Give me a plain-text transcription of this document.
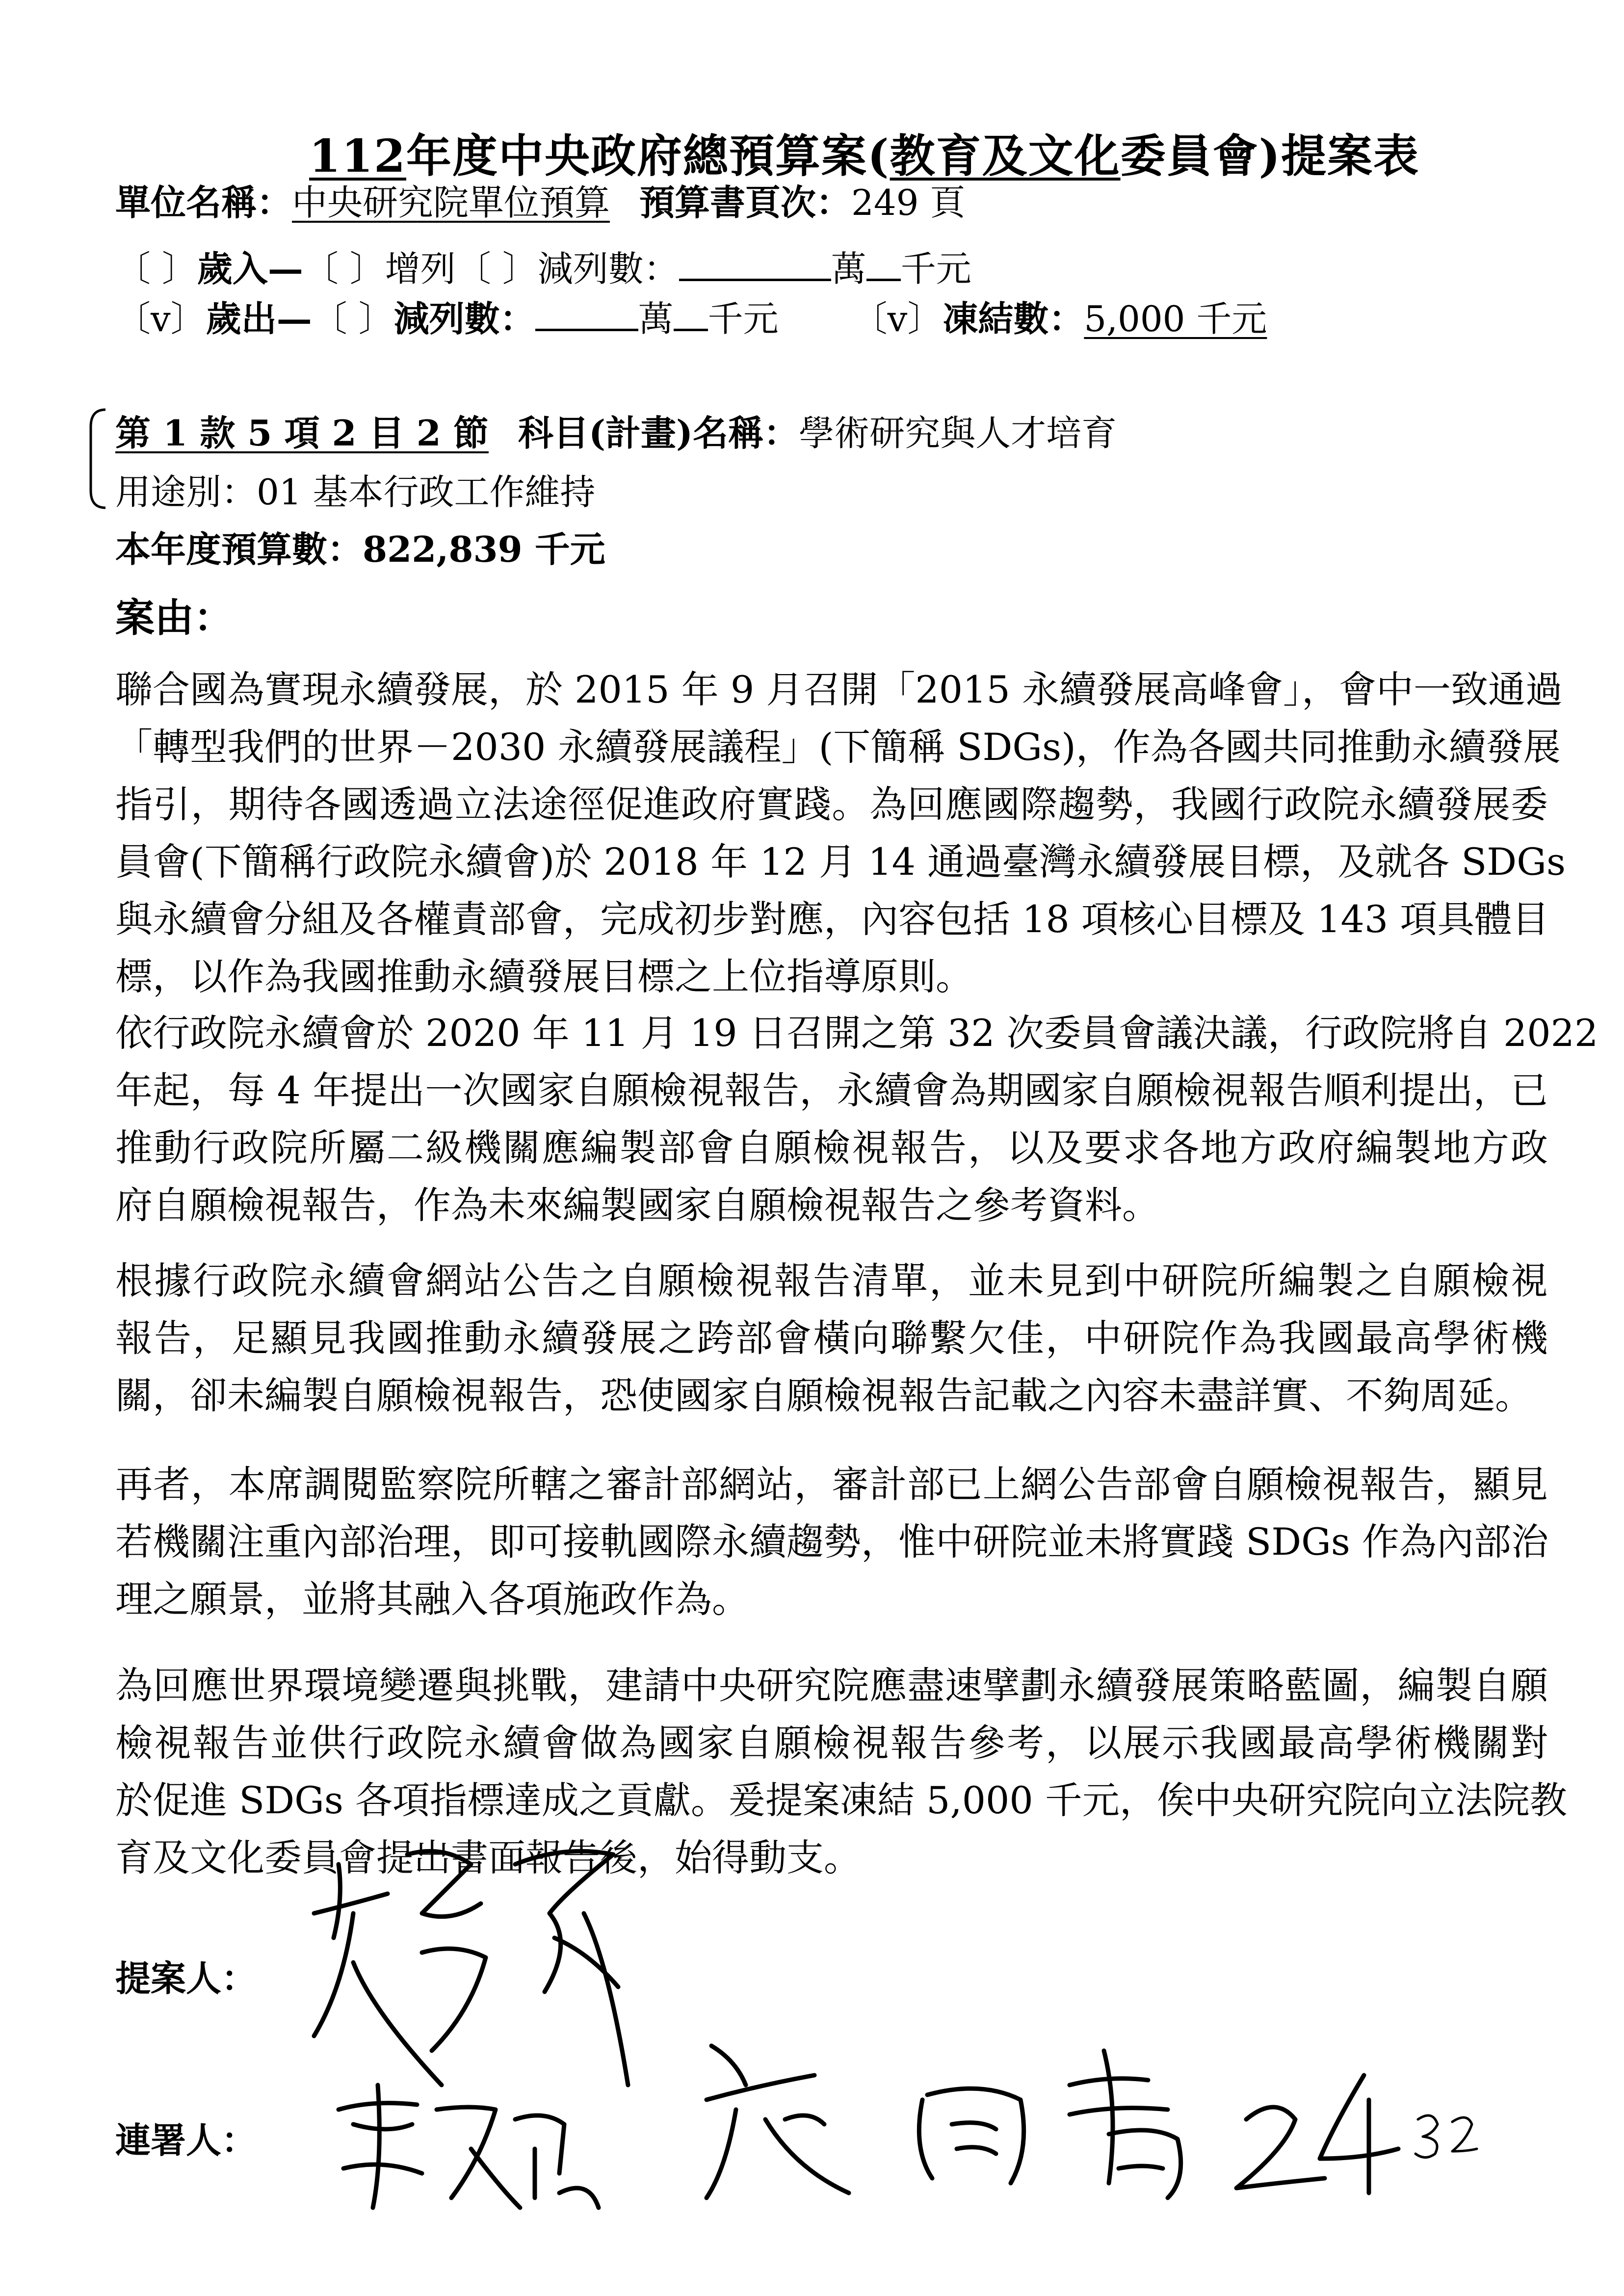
112年度中央政府總預算案(教育及文化委員會)提案表
單位名稱：中央研究院單位預算 預算書頁次：249 頁
〔 〕歲入—〔 〕增列〔 〕減列數：	萬 千元
〔v〕歲出—〔 〕減列數：	萬 千元 〔v〕凍結數：5,000 千元
第 1 款 5 項 2 目 2 節 科目(計畫)名稱：學術研究與人才培育
用途別：01 基本行政工作維持
本年度預算數：822,839 千元
案由：
聯合國為實現永續發展，於 2015 年 9 月召開「2015 永續發展高峰會」，會中一致通過
「轉型我們的世界－2030 永續發展議程」(下簡稱 SDGs)，作為各國共同推動永續發展
指引，期待各國透過立法途徑促進政府實踐。為回應國際趨勢，我國行政院永續發展委
員會(下簡稱行政院永續會)於 2018 年 12 月 14 通過臺灣永續發展目標，及就各 SDGs
與永續會分組及各權責部會，完成初步對應，內容包括 18 項核心目標及 143 項具體目
標，以作為我國推動永續發展目標之上位指導原則。
依行政院永續會於 2020 年 11 月 19 日召開之第 32 次委員會議決議，行政院將自 2022
年起，每 4 年提出一次國家自願檢視報告，永續會為期國家自願檢視報告順利提出，已
推動行政院所屬二級機關應編製部會自願檢視報告，以及要求各地方政府編製地方政
府自願檢視報告，作為未來編製國家自願檢視報告之參考資料。
根據行政院永續會網站公告之自願檢視報告清單，並未見到中研院所編製之自願檢視
報告，足顯見我國推動永續發展之跨部會橫向聯繫欠佳，中研院作為我國最高學術機
關，卻未編製自願檢視報告，恐使國家自願檢視報告記載之內容未盡詳實、不夠周延。
再者，本席調閱監察院所轄之審計部網站，審計部已上網公告部會自願檢視報告，顯見
若機關注重內部治理，即可接軌國際永續趨勢，惟中研院並未將實踐 SDGs 作為內部治
理之願景，並將其融入各項施政作為。
為回應世界環境變遷與挑戰，建請中央研究院應盡速擘劃永續發展策略藍圖，編製自願
檢視報告並供行政院永續會做為國家自願檢視報告參考，以展示我國最高學術機關對
於促進 SDGs 各項指標達成之貢獻。爰提案凍結 5,000 千元，俟中央研究院向立法院教
育及文化委員會提出書面報告後，始得動支。
提案人：
連署人：
